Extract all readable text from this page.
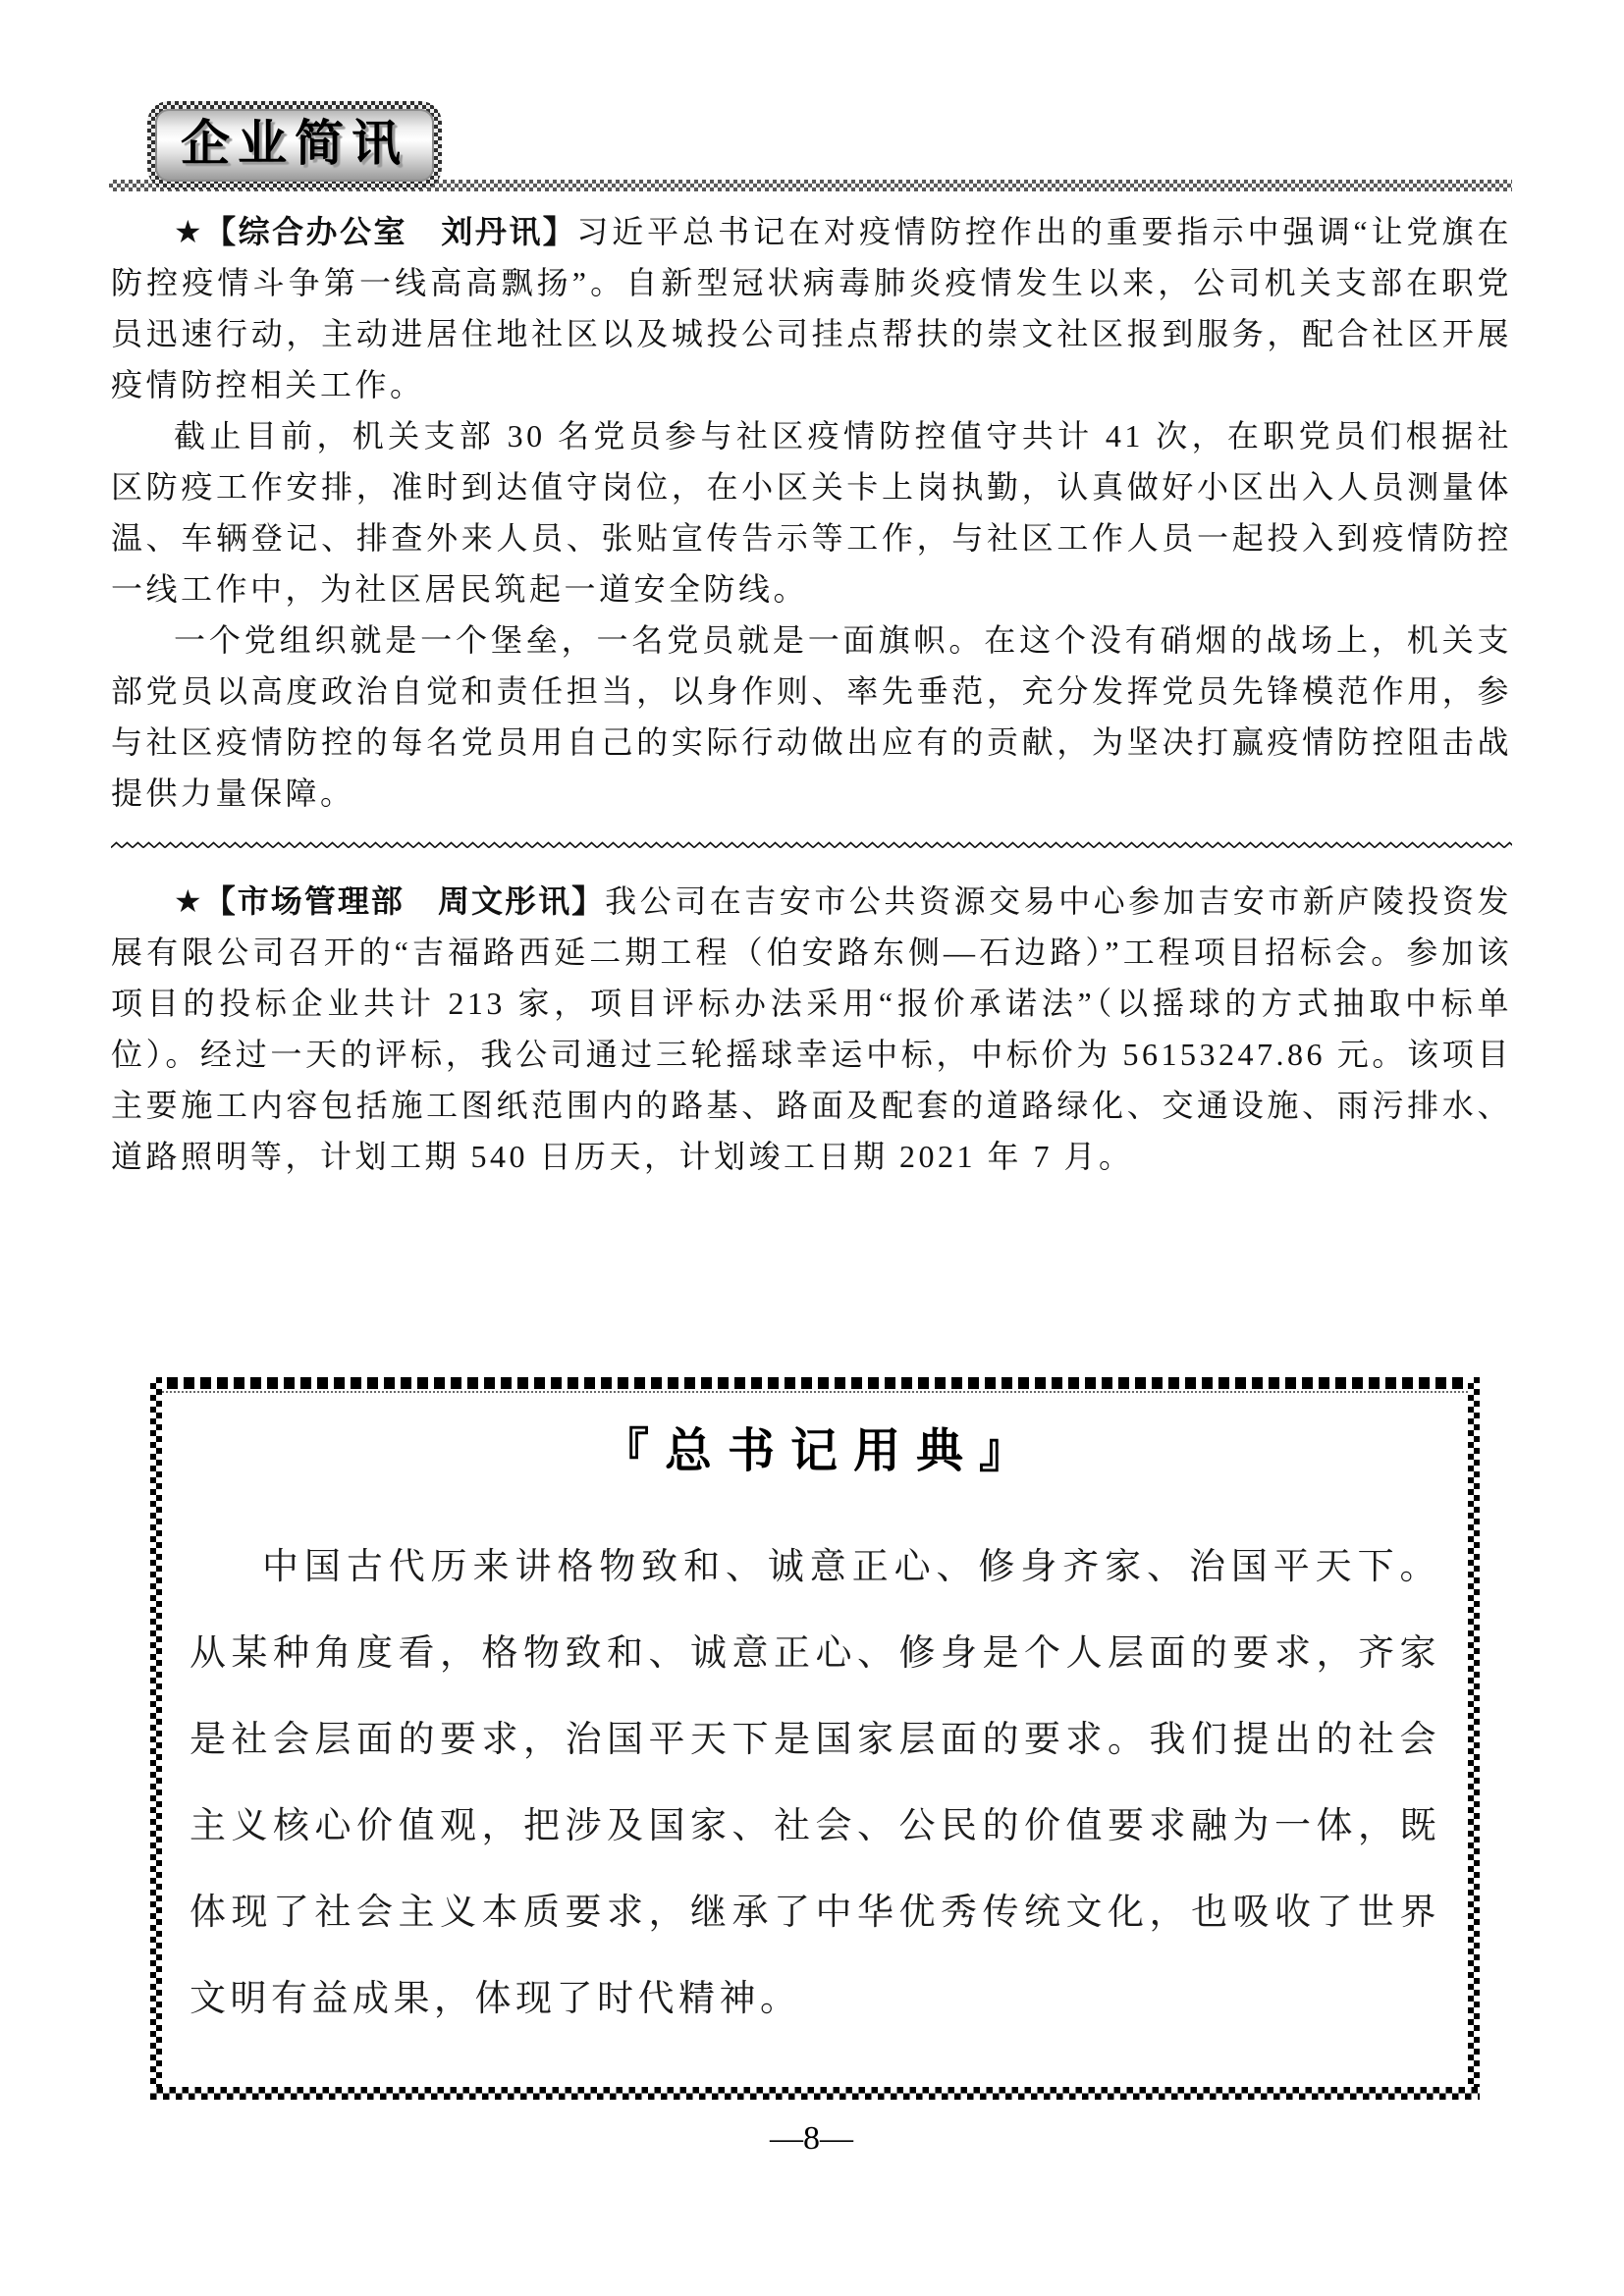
企业简讯

★【综合办公室　刘丹讯】习近平总书记在对疫情防控作出的重要指示中强调“让党旗在防控疫情斗争第一线高高飘扬”。自新型冠状病毒肺炎疫情发生以来，公司机关支部在职党员迅速行动，主动进居住地社区以及城投公司挂点帮扶的崇文社区报到服务，配合社区开展疫情防控相关工作。

截止目前，机关支部 30 名党员参与社区疫情防控值守共计 41 次，在职党员们根据社区防疫工作安排，准时到达值守岗位，在小区关卡上岗执勤，认真做好小区出入人员测量体温、车辆登记、排查外来人员、张贴宣传告示等工作，与社区工作人员一起投入到疫情防控一线工作中，为社区居民筑起一道安全防线。

一个党组织就是一个堡垒，一名党员就是一面旗帜。在这个没有硝烟的战场上，机关支部党员以高度政治自觉和责任担当，以身作则、率先垂范，充分发挥党员先锋模范作用，参与社区疫情防控的每名党员用自己的实际行动做出应有的贡献，为坚决打赢疫情防控阻击战提供力量保障。

★【市场管理部　周文彤讯】我公司在吉安市公共资源交易中心参加吉安市新庐陵投资发展有限公司召开的“吉福路西延二期工程（伯安路东侧—石边路）”工程项目招标会。参加该项目的投标企业共计 213 家，项目评标办法采用“报价承诺法”（以摇球的方式抽取中标单位）。经过一天的评标，我公司通过三轮摇球幸运中标，中标价为 56153247.86 元。该项目主要施工内容包括施工图纸范围内的路基、路面及配套的道路绿化、交通设施、雨污排水、道路照明等，计划工期 540 日历天，计划竣工日期 2021 年 7 月。

『 总 书 记 用 典 』

中国古代历来讲格物致和、诚意正心、修身齐家、治国平天下。从某种角度看，格物致和、诚意正心、修身是个人层面的要求，齐家是社会层面的要求，治国平天下是国家层面的要求。我们提出的社会主义核心价值观，把涉及国家、社会、公民的价值要求融为一体，既体现了社会主义本质要求，继承了中华优秀传统文化，也吸收了世界文明有益成果，体现了时代精神。

—8—
